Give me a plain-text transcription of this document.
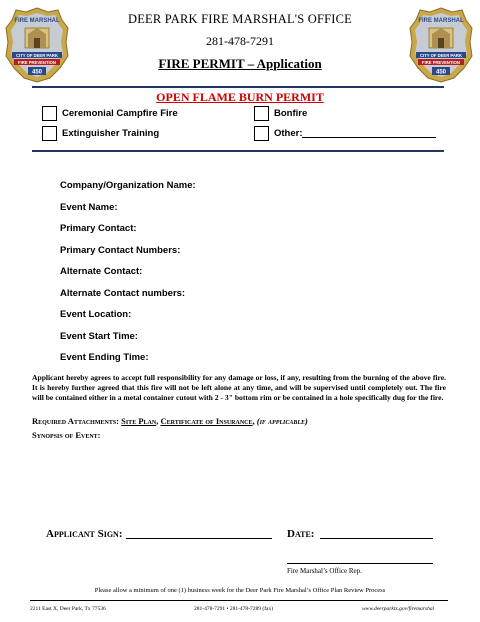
FIRE MARSHAL
CITY OF DEER PARK
FIRE PREVENTION
450
FIRE MARSHAL
CITY OF DEER PARK
FIRE PREVENTION
450
DEER PARK FIRE MARSHAL'S OFFICE
281-478-7291
FIRE PERMIT – Application
OPEN FLAME BURN PERMIT
Ceremonial Campfire Fire	Bonfire
Extinguisher Training	Other:
Company/Organization Name:
Event Name:
Primary Contact:
Primary Contact Numbers:
Alternate Contact:
Alternate Contact numbers:
Event Location:
Event Start Time:
Event Ending Time:
Applicant hereby agrees to accept full responsibility for any damage or loss, if any, resulting from the burning of the above fire. It is hereby further agreed that this fire will not be left alone at any time, and will be supervised until completely out. The fire will be contained either in a metal container cutout with 2 - 3" bottom rim or be contained in a hole specifically dug for the fire.
Required Attachments: Site Plan, Certificate of Insurance, (if applicable)
Synopsis of Event:
Applicant Sign:	Date:
Fire Marshal’s Office Rep.
Please allow a minimum of one (1) business week for the Deer Park Fire Marshal’s Office Plan Review Process
2211 East X, Deer Park, Tx 77536	281-478-7291 • 281-478-7289 (fax)	www.deerparktx.gov/firemarshal
